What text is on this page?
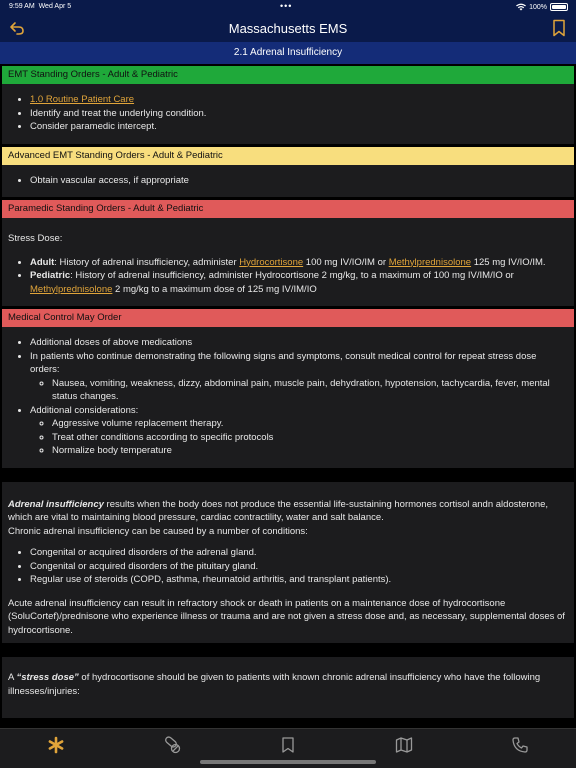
9:59 AM Wed Apr 5	•••	100%
Massachusetts EMS
2.1 Adrenal Insufficiency
EMT Standing Orders - Adult & Pediatric
• 1.0 Routine Patient Care
• Identify and treat the underlying condition.
• Consider paramedic intercept.
Advanced EMT Standing Orders - Adult & Pediatric
• Obtain vascular access, if appropriate
Paramedic Standing Orders - Adult & Pediatric

Stress Dose:

• Adult: History of adrenal insufficiency, administer Hydrocortisone 100 mg IV/IO/IM or Methylprednisolone 125 mg IV/IO/IM.
• Pediatric: History of adrenal insufficiency, administer Hydrocortisone 2 mg/kg, to a maximum of 100 mg IV/IM/IO or Methylprednisolone 2 mg/kg to a maximum dose of 125 mg IV/IM/IO
Medical Control May Order
• Additional doses of above medications
• In patients who continue demonstrating the following signs and symptoms, consult medical control for repeat stress dose orders:
◦ Nausea, vomiting, weakness, dizzy, abdominal pain, muscle pain, dehydration, hypotension, tachycardia, fever, mental status changes.
• Additional considerations:
◦ Aggressive volume replacement therapy.
◦ Treat other conditions according to specific protocols
◦ Normalize body temperature

Adrenal insufficiency results when the body does not produce the essential life-sustaining hormones cortisol andn aldosterone, which are vital to maintaining blood pressure, cardiac contractility, water and salt balance.

Chronic adrenal insufficiency can be caused by a number of conditions:

• Congenital or acquired disorders of the adrenal gland.
• Congenital or acquired disorders of the pituitary gland.
• Regular use of steroids (COPD, asthma, rheumatoid arthritis, and transplant patients).

Acute adrenal insufficiency can result in refractory shock or death in patients on a maintenance dose of hydrocortisone (SoluCortef)/prednisone who experience illness or trauma and are not given a stress dose and, as necessary, supplemental doses of hydrocortisone.

A “stress dose” of hydrocortisone should be given to patients with known chronic adrenal insufficiency who have the following illnesses/injuries:
